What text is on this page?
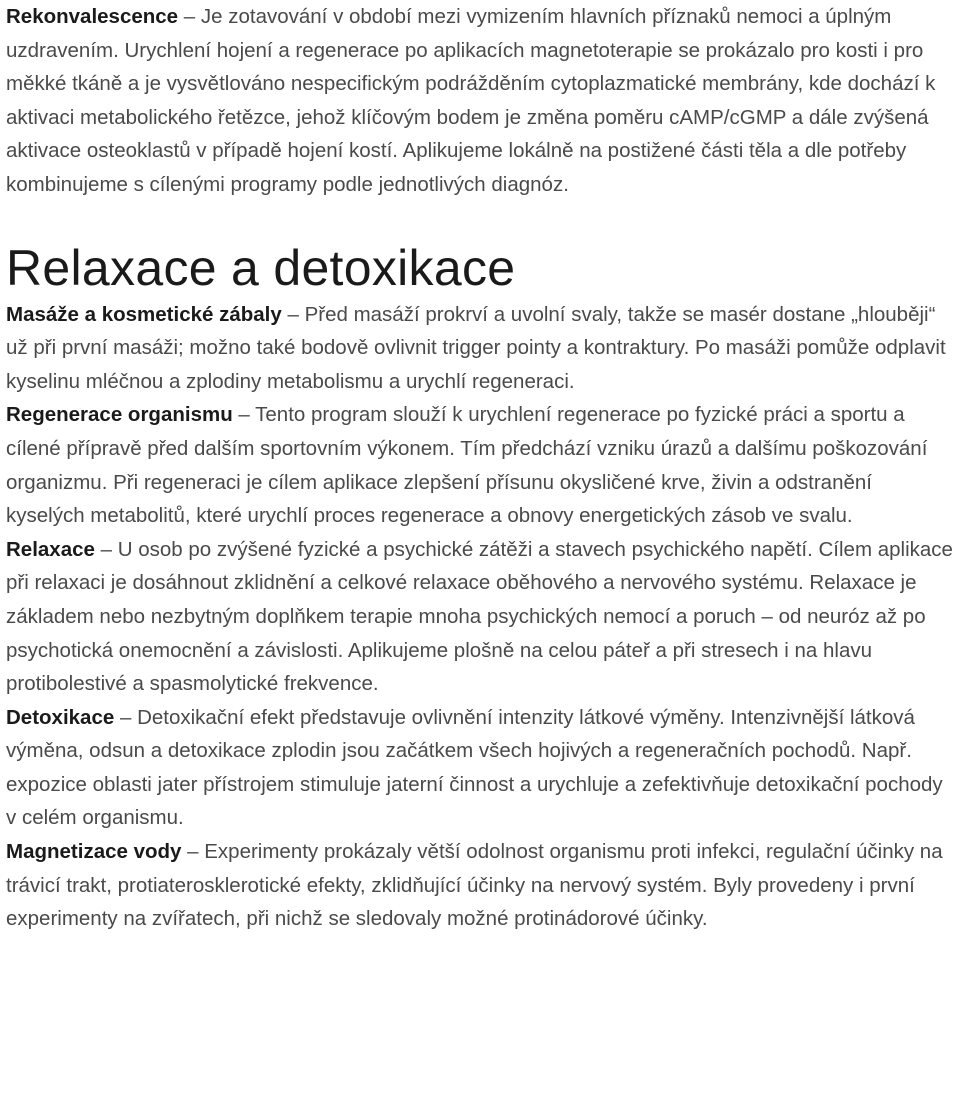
Rekonvalescence – Je zotavování v období mezi vymizením hlavních příznaků nemoci a úplným uzdravením. Urychlení hojení a regenerace po aplikacích magnetoterapie se prokázalo pro kosti i pro měkké tkáně a je vysvětlováno nespecifickým podrážděním cytoplazmatické membrány, kde dochází k aktivaci metabolického řetězce, jehož klíčovým bodem je změna poměru cAMP/cGMP a dále zvýšená aktivace osteoklastů v případě hojení kostí. Aplikujeme lokálně na postižené části těla a dle potřeby kombinujeme s cílenými programy podle jednotlivých diagnóz.

Relaxace a detoxikace

Masáže a kosmetické zábaly – Před masáží prokrví a uvolní svaly, takže se masér dostane „hlouběji“ už při první masáži; možno také bodově ovlivnit trigger pointy a kontraktury. Po masáži pomůže odplavit kyselinu mléčnou a zplodiny metabolismu a urychlí regeneraci.

Regenerace organismu – Tento program slouží k urychlení regenerace po fyzické práci a sportu a cílené přípravě před dalším sportovním výkonem. Tím předchází vzniku úrazů a dalšímu poškozování organizmu. Při regeneraci je cílem aplikace zlepšení přísunu okysličené krve, živin a odstranění kyselých metabolitů, které urychlí proces regenerace a obnovy energetických zásob ve svalu.

Relaxace – U osob po zvýšené fyzické a psychické zátěži a stavech psychického napětí. Cílem aplikace při relaxaci je dosáhnout zklidnění a celkové relaxace oběhového a nervového systému. Relaxace je základem nebo nezbytným doplňkem terapie mnoha psychických nemocí a poruch – od neuróz až po psychotická onemocnění a závislosti. Aplikujeme plošně na celou páteř a při stresech i na hlavu protibolestivé a spasmolytické frekvence.

Detoxikace – Detoxikační efekt představuje ovlivnění intenzity látkové výměny. Intenzivnější látková výměna, odsun a detoxikace zplodin jsou začátkem všech hojivých a regeneračních pochodů. Např. expozice oblasti jater přístrojem stimuluje jaterní činnost a urychluje a zefektivňuje detoxikační pochody v celém organismu.

Magnetizace vody – Experimenty prokázaly větší odolnost organismu proti infekci, regulační účinky na trávicí trakt, protiaterosklerotické efekty, zklidňující účinky na nervový systém. Byly provedeny i první experimenty na zvířatech, při nichž se sledovaly možné protinádorové účinky.
